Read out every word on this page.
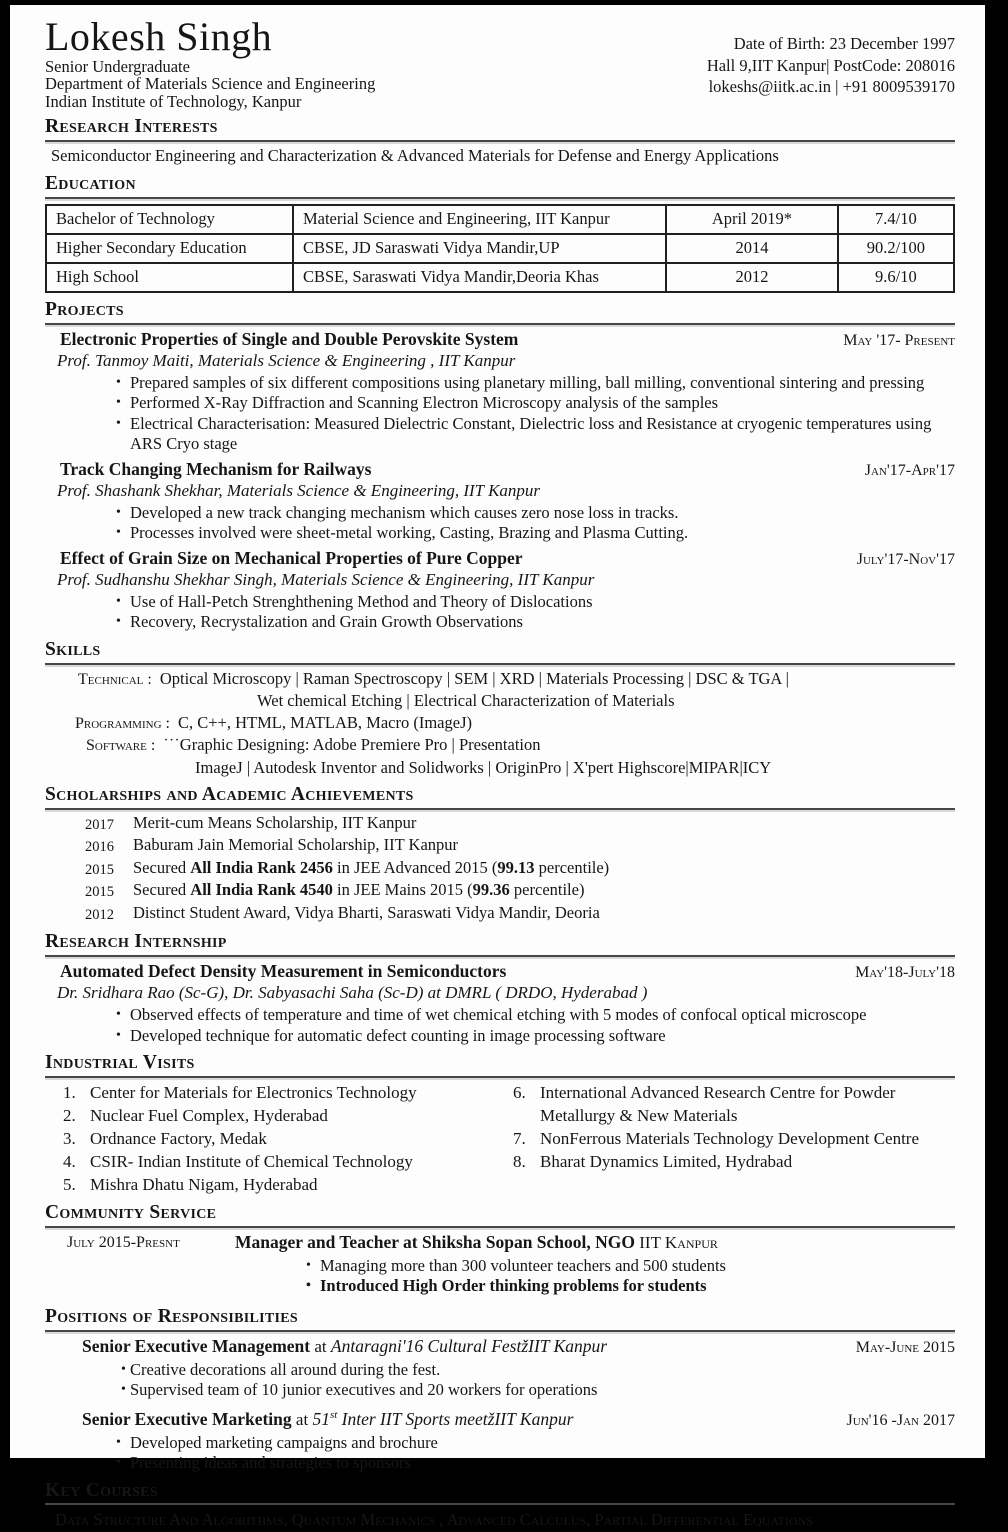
Lokesh Singh
Senior Undergraduate
Department of Materials Science and Engineering
Indian Institute of Technology, Kanpur
Date of Birth: 23 December 1997
Hall 9,IIT Kanpur| PostCode: 208016
lokeshs@iitk.ac.in | +91 8009539170
Research Interests

Semiconductor Engineering and Characterization & Advanced Materials for Defense and Energy Applications

Education
Bachelor of Technology	Material Science and Engineering, IIT Kanpur	April 2019*	7.4/10
Higher Secondary Education	CBSE, JD Saraswati Vidya Mandir,UP	2014	90.2/100
High School	CBSE, Saraswati Vidya Mandir,Deoria Khas	2012	9.6/10
Projects
Electronic Properties of Single and Double Perovskite System	May '17- Present
Prof. Tanmoy Maiti, Materials Science & Engineering , IIT Kanpur
• Prepared samples of six different compositions using planetary milling, ball milling, conventional sintering and pressing
• Performed X-Ray Diffraction and Scanning Electron Microscopy analysis of the samples
• Electrical Characterisation: Measured Dielectric Constant, Dielectric loss and Resistance at cryogenic temperatures using ARS Cryo stage
Track Changing Mechanism for Railways	Jan'17-Apr'17
Prof. Shashank Shekhar, Materials Science & Engineering, IIT Kanpur
• Developed a new track changing mechanism which causes zero nose loss in tracks.
• Processes involved were sheet-metal working, Casting, Brazing and Plasma Cutting.
Effect of Grain Size on Mechanical Properties of Pure Copper	July'17-Nov'17
Prof. Sudhanshu Shekhar Singh, Materials Science & Engineering, IIT Kanpur
• Use of Hall-Petch Strenghthening Method and Theory of Dislocations
• Recovery, Recrystalization and Grain Growth Observations
Skills
Technical : Optical Microscopy | Raman Spectroscopy | SEM | XRD | Materials Processing | DSC & TGA |
Wet chemical Etching | Electrical Characterization of Materials
Programming : C, C++, HTML, MATLAB, Macro (ImageJ)
Software : ˙˙˙Graphic Designing: Adobe Premiere Pro | Presentation
ImageJ | Autodesk Inventor and Solidworks | OriginPro | X'pert Highscore|MIPAR|ICY
Scholarships and Academic Achievements
2017	Merit-cum Means Scholarship, IIT Kanpur
2016	Baburam Jain Memorial Scholarship, IIT Kanpur
2015	Secured All India Rank 2456 in JEE Advanced 2015 (99.13 percentile)
2015	Secured All India Rank 4540 in JEE Mains 2015 (99.36 percentile)
2012	Distinct Student Award, Vidya Bharti, Saraswati Vidya Mandir, Deoria
Research Internship
Automated Defect Density Measurement in Semiconductors	May'18-July'18
Dr. Sridhara Rao (Sc-G), Dr. Sabyasachi Saha (Sc-D) at DMRL ( DRDO, Hyderabad )
• Observed effects of temperature and time of wet chemical etching with 5 modes of confocal optical microscope
• Developed technique for automatic defect counting in image processing software
Industrial Visits
1. Center for Materials for Electronics Technology
2. Nuclear Fuel Complex, Hyderabad
3. Ordnance Factory, Medak
4. CSIR- Indian Institute of Chemical Technology
5. Mishra Dhatu Nigam, Hyderabad
6. International Advanced Research Centre for Powder Metallurgy & New Materials
7. NonFerrous Materials Technology Development Centre
8. Bharat Dynamics Limited, Hydrabad
Community Service
July 2015-Presnt	Manager and Teacher at Shiksha Sopan School, NGO IIT Kanpur
• Managing more than 300 volunteer teachers and 500 students
• Introduced High Order thinking problems for students
Positions of Responsibilities
Senior Executive Management at Antaragni'16 Cultural FestžIIT Kanpur	May-June 2015
• Creative decorations all around during the fest.
• Supervised team of 10 junior executives and 20 workers for operations
Senior Executive Marketing at 51st Inter IIT Sports meetžIIT Kanpur	Jun'16 -Jan 2017
• Developed marketing campaigns and brochure
• Presenting ideas and strategies to sponsors
Key Courses
Data Structure And Algorithms, Quantum Mechanics , Advanced Calculus, Partial Differential Equations
